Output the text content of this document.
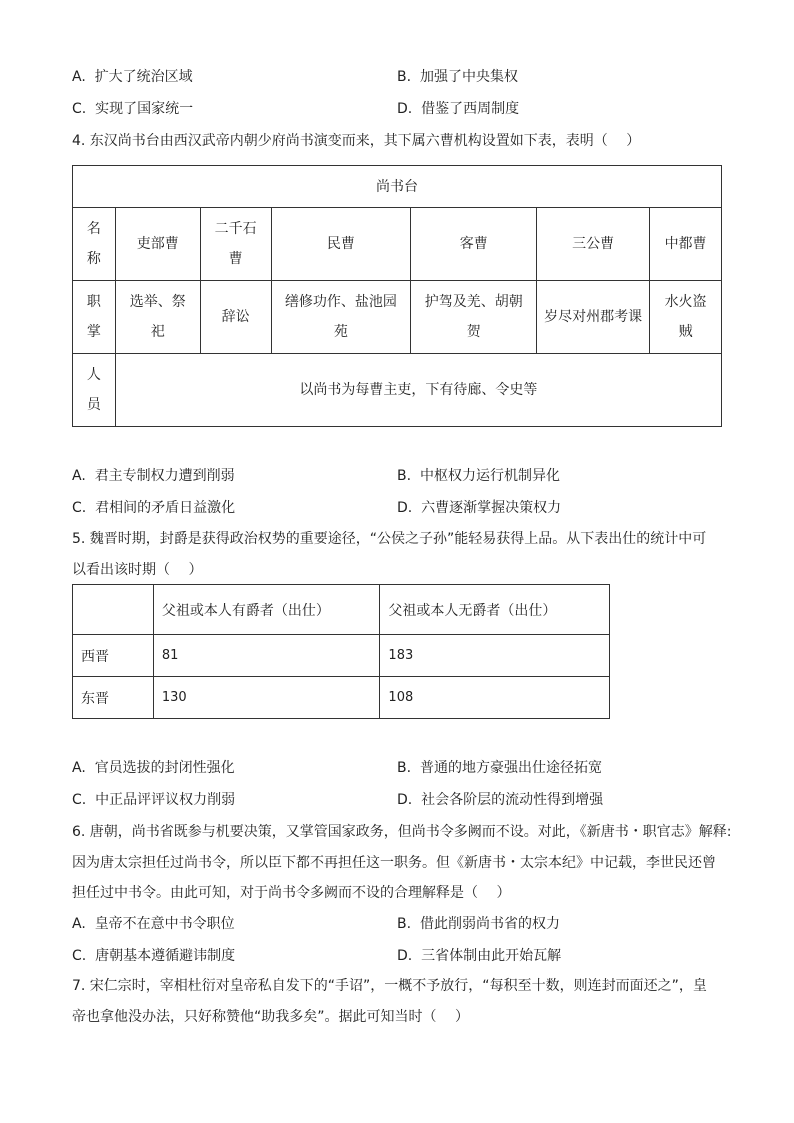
A. 扩大了统治区域	B. 加强了中央集权
C. 实现了国家统一	D. 借鉴了西周制度
4. 东汉尚书台由西汉武帝内朝少府尚书演变而来，其下属六曹机构设置如下表，表明（　 ）
尚书台						
名称	吏部曹	二千石曹	民曹	客曹	三公曹	中都曹
职掌	选举、祭祀	辞讼	缮修功作、盐池园苑	护驾及羌、胡朝贺	岁尽对州郡考课	水火盗贼

人员	以尚书为每曹主吏，下有待廊、令史等					
A. 君主专制权力遭到削弱	B. 中枢权力运行机制异化
C. 君相间的矛盾日益激化	D. 六曹逐渐掌握决策权力
5. 魏晋时期，封爵是获得政治权势的重要途径，“公侯之子孙”能轻易获得上品。从下表出仕的统计中可
以看出该时期（　 ）
	父祖或本人有爵者（出仕）	父祖或本人无爵者（出仕）
西晋	81	183
东晋	130	108
A. 官员选拔的封闭性强化	B. 普通的地方豪强出仕途径拓宽
C. 中正品评评议权力削弱	D. 社会各阶层的流动性得到增强
6. 唐朝，尚书省既参与机要决策，又掌管国家政务，但尚书令多阙而不设。对此，《新唐书・职官志》解释:
因为唐太宗担任过尚书令，所以臣下都不再担任这一职务。但《新唐书・太宗本纪》中记载，李世民还曾
担任过中书令。由此可知，对于尚书令多阙而不设的合理解释是（　 ）
A. 皇帝不在意中书令职位	B. 借此削弱尚书省的权力
C. 唐朝基本遵循避讳制度	D. 三省体制由此开始瓦解
7. 宋仁宗时，宰相杜衍对皇帝私自发下的“手诏”，一概不予放行，“每积至十数，则连封而面还之”，皇
帝也拿他没办法，只好称赞他“助我多矣”。据此可知当时（　 ）
